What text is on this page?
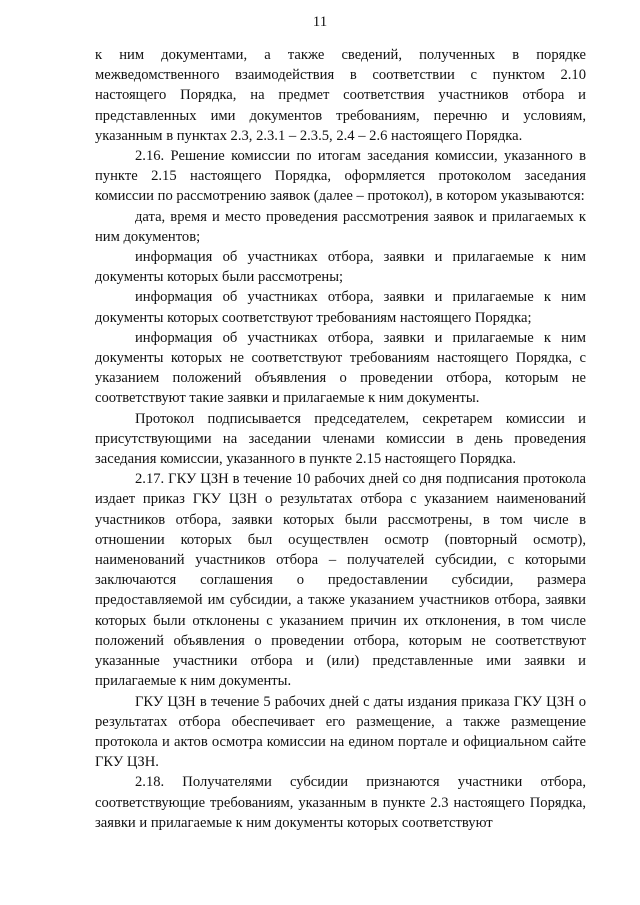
11

к ним документами, а также сведений, полученных в порядке межведомственного взаимодействия в соответствии с пунктом 2.10 настоящего Порядка, на предмет соответствия участников отбора и представленных ими документов требованиям, перечню и условиям, указанным в пунктах 2.3, 2.3.1 – 2.3.5, 2.4 – 2.6 настоящего Порядка.

2.16. Решение комиссии по итогам заседания комиссии, указанного в пункте 2.15 настоящего Порядка, оформляется протоколом заседания комиссии по рассмотрению заявок (далее – протокол), в котором указываются:

дата, время и место проведения рассмотрения заявок и прилагаемых к ним документов;

информация об участниках отбора, заявки и прилагаемые к ним документы которых были рассмотрены;

информация об участниках отбора, заявки и прилагаемые к ним документы которых соответствуют требованиям настоящего Порядка;

информация об участниках отбора, заявки и прилагаемые к ним документы которых не соответствуют требованиям настоящего Порядка, с указанием положений объявления о проведении отбора, которым не соответствуют такие заявки и прилагаемые к ним документы.

Протокол подписывается председателем, секретарем комиссии и присутствующими на заседании членами комиссии в день проведения заседания комиссии, указанного в пункте 2.15 настоящего Порядка.

2.17. ГКУ ЦЗН в течение 10 рабочих дней со дня подписания протокола издает приказ ГКУ ЦЗН о результатах отбора с указанием наименований участников отбора, заявки которых были рассмотрены, в том числе в отношении которых был осуществлен осмотр (повторный осмотр), наименований участников отбора – получателей субсидии, с которыми заключаются соглашения о предоставлении субсидии, размера предоставляемой им субсидии, а также указанием участников отбора, заявки которых были отклонены с указанием причин их отклонения, в том числе положений объявления о проведении отбора, которым не соответствуют указанные участники отбора и (или) представленные ими заявки и прилагаемые к ним документы.

ГКУ ЦЗН в течение 5 рабочих дней с даты издания приказа ГКУ ЦЗН о результатах отбора обеспечивает его размещение, а также размещение протокола и актов осмотра комиссии на едином портале и официальном сайте ГКУ ЦЗН.

2.18. Получателями субсидии признаются участники отбора, соответствующие требованиям, указанным в пункте 2.3 настоящего Порядка, заявки и прилагаемые к ним документы которых соответствуют
